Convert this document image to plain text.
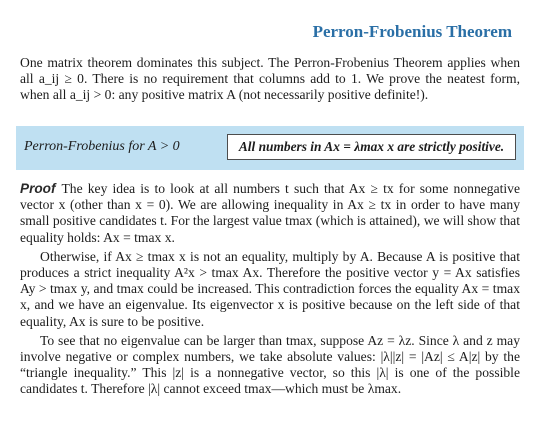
Perron-Frobenius Theorem
One matrix theorem dominates this subject. The Perron-Frobenius Theorem applies when all a_ij ≥ 0. There is no requirement that columns add to 1. We prove the neatest form, when all a_ij > 0: any positive matrix A (not necessarily positive definite!).
Perron-Frobenius for A > 0	All numbers in Ax = λmax x are strictly positive.

Proof The key idea is to look at all numbers t such that Ax ≥ tx for some nonnegative vector x (other than x = 0). We are allowing inequality in Ax ≥ tx in order to have many small positive candidates t. For the largest value tmax (which is attained), we will show that equality holds: Ax = tmax x.

Otherwise, if Ax ≥ tmax x is not an equality, multiply by A. Because A is positive that produces a strict inequality A²x > tmax Ax. Therefore the positive vector y = Ax satisfies Ay > tmax y, and tmax could be increased. This contradiction forces the equality Ax = tmax x, and we have an eigenvalue. Its eigenvector x is positive because on the left side of that equality, Ax is sure to be positive.

To see that no eigenvalue can be larger than tmax, suppose Az = λz. Since λ and z may involve negative or complex numbers, we take absolute values: |λ||z| = |Az| ≤ A|z| by the “triangle inequality.” This |z| is a nonnegative vector, so this |λ| is one of the possible candidates t. Therefore |λ| cannot exceed tmax—which must be λmax.
